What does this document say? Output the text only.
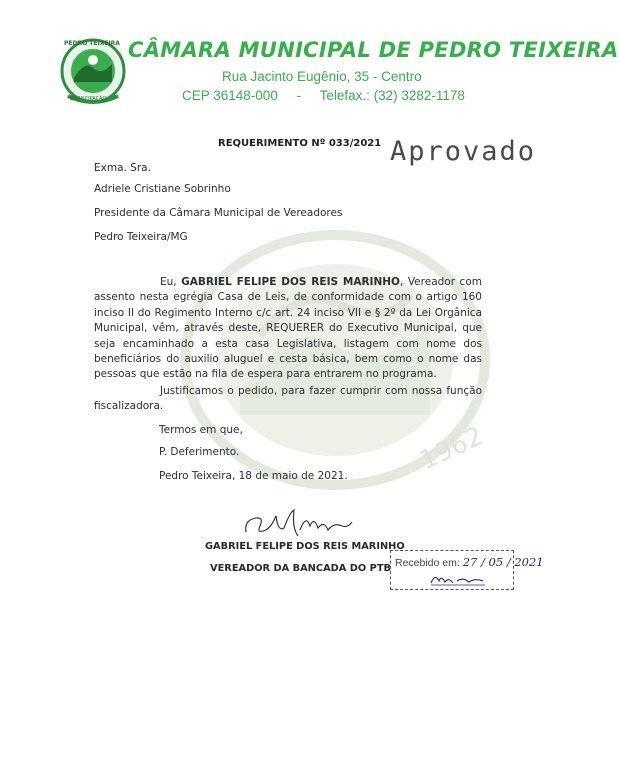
1962
PEDRO TEIXEIRA
EMANCIPAÇÃO
CÂMARA MUNICIPAL DE PEDRO TEIXEIRA
Rua Jacinto Eugênio, 35 - Centro
CEP 36148-000     -     Telefax.: (32) 3282-1178
REQUERIMENTO Nº 033/2021 Aprovado
Exma. Sra.
Adriele Cristiane Sobrinho
Presidente da Câmara Municipal de Vereadores
Pedro Teixeira/MG
Eu, GABRIEL FELIPE DOS REIS MARINHO, Vereador com assento nesta egrégia Casa de Leis, de conformidade com o artigo 160 inciso II do Regimento Interno c/c art. 24 inciso VII e § 2º da Lei Orgânica Municipal, vêm, através deste, REQUERER do Executivo Municipal, que seja encaminhado a esta casa Legislativa, listagem com nome dos beneficiários do auxilio aluguel e cesta básica, bem como o nome das pessoas que estão na fila de espera para entrarem no programa.
Justificamos o pedido, para fazer cumprir com nossa função fiscalizadora.
Termos em que,
P. Deferimento.
Pedro Teixeira, 18 de maio de 2021.
GABRIEL FELIPE DOS REIS MARINHO
VEREADOR DA BANCADA DO PTB Recebido em: 27 / 05 / 2021
